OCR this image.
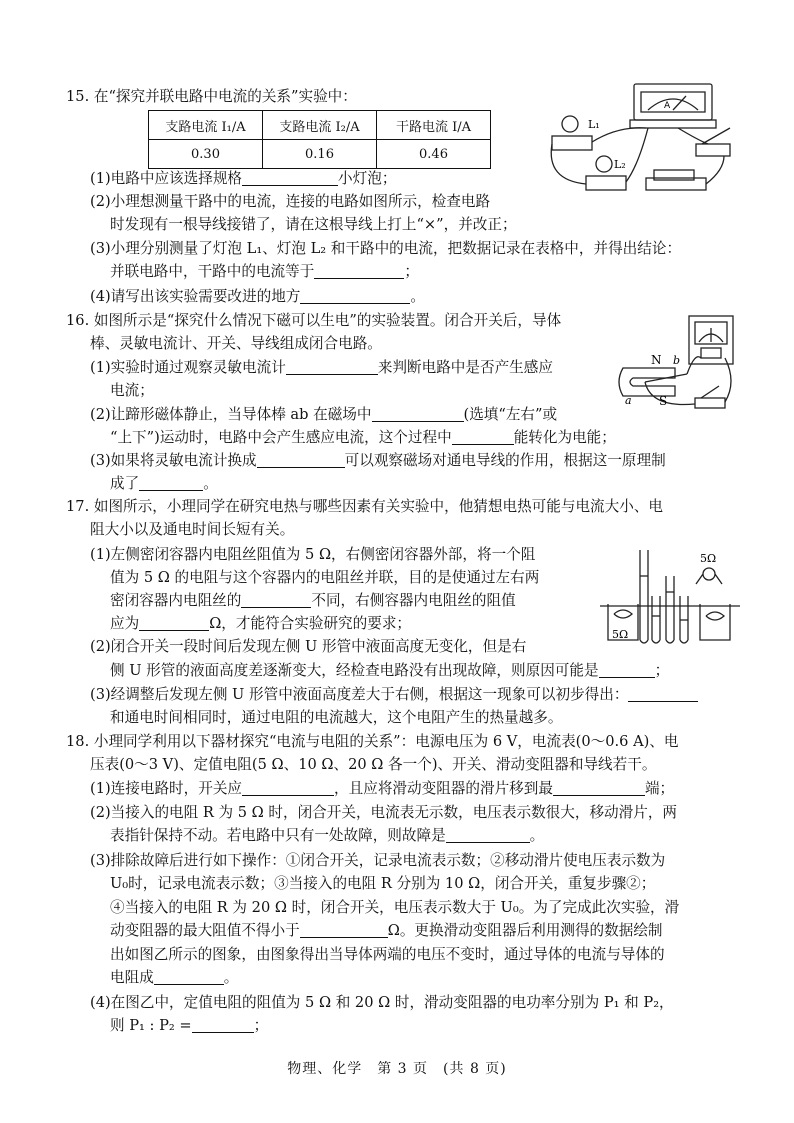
15. 在“探究并联电路中电流的关系”实验中：
支路电流 I₁/A	支路电流 I₂/A	干路电流 I/A
0.30	0.16	0.46
A
L₁
L₂
(1)电路中应该选择规格	小灯泡；
(2)小理想测量干路中的电流，连接的电路如图所示，检查电路
时发现有一根导线接错了，请在这根导线上打上“×”，并改正；
(3)小理分别测量了灯泡 L₁、灯泡 L₂ 和干路中的电流，把数据记录在表格中，并得出结论：
并联电路中，干路中的电流等于	；
(4)请写出该实验需要改进的地方	。
16. 如图所示是“探究什么情况下磁可以生电”的实验装置。闭合开关后，导体
棒、灵敏电流计、开关、导线组成闭合电路。
N
S
a
b
(1)实验时通过观察灵敏电流计	来判断电路中是否产生感应
电流；
(2)让蹄形磁体静止，当导体棒 ab 在磁场中	(选填“左右”或
“上下”)运动时，电路中会产生感应电流，这个过程中	能转化为电能；
(3)如果将灵敏电流计换成	可以观察磁场对通电导线的作用，根据这一原理制
成了	。
17. 如图所示，小理同学在研究电热与哪些因素有关实验中，他猜想电热可能与电流大小、电
阻大小以及通电时间长短有关。
(1)左侧密闭容器内电阻丝阻值为 5 Ω，右侧密闭容器外部，将一个阻
值为 5 Ω 的电阻与这个容器内的电阻丝并联，目的是使通过左右两
密闭容器内电阻丝的	不同，右侧容器内电阻丝的阻值
应为	Ω，才能符合实验研究的要求；
5Ω
5Ω
(2)闭合开关一段时间后发现左侧 U 形管中液面高度无变化，但是右
侧 U 形管的液面高度差逐渐变大，经检查电路没有出现故障，则原因可能是	；
(3)经调整后发现左侧 U 形管中液面高度差大于右侧，根据这一现象可以初步得出：
和通电时间相同时，通过电阻的电流越大，这个电阻产生的热量越多。
18. 小理同学利用以下器材探究“电流与电阻的关系”：电源电压为 6 V，电流表(0～0.6 A)、电
压表(0～3 V)、定值电阻(5 Ω、10 Ω、20 Ω 各一个)、开关、滑动变阻器和导线若干。
(1)连接电路时，开关应	，且应将滑动变阻器的滑片移到最	端；
(2)当接入的电阻 R 为 5 Ω 时，闭合开关，电流表无示数，电压表示数很大，移动滑片，两
表指针保持不动。若电路中只有一处故障，则故障是	。
(3)排除故障后进行如下操作：①闭合开关，记录电流表示数；②移动滑片使电压表示数为
U₀时，记录电流表示数；③当接入的电阻 R 分别为 10 Ω，闭合开关，重复步骤②；
④当接入的电阻 R 为 20 Ω 时，闭合开关，电压表示数大于 U₀。为了完成此次实验，滑
动变阻器的最大阻值不得小于	Ω。更换滑动变阻器后利用测得的数据绘制
出如图乙所示的图象，由图象得出当导体两端的电压不变时，通过导体的电流与导体的
电阻成	。
(4)在图乙中，定值电阻的阻值为 5 Ω 和 20 Ω 时，滑动变阻器的电功率分别为 P₁ 和 P₂，
则 P₁ : P₂ =	；
物理、化学　第 3 页　(共 8 页)
